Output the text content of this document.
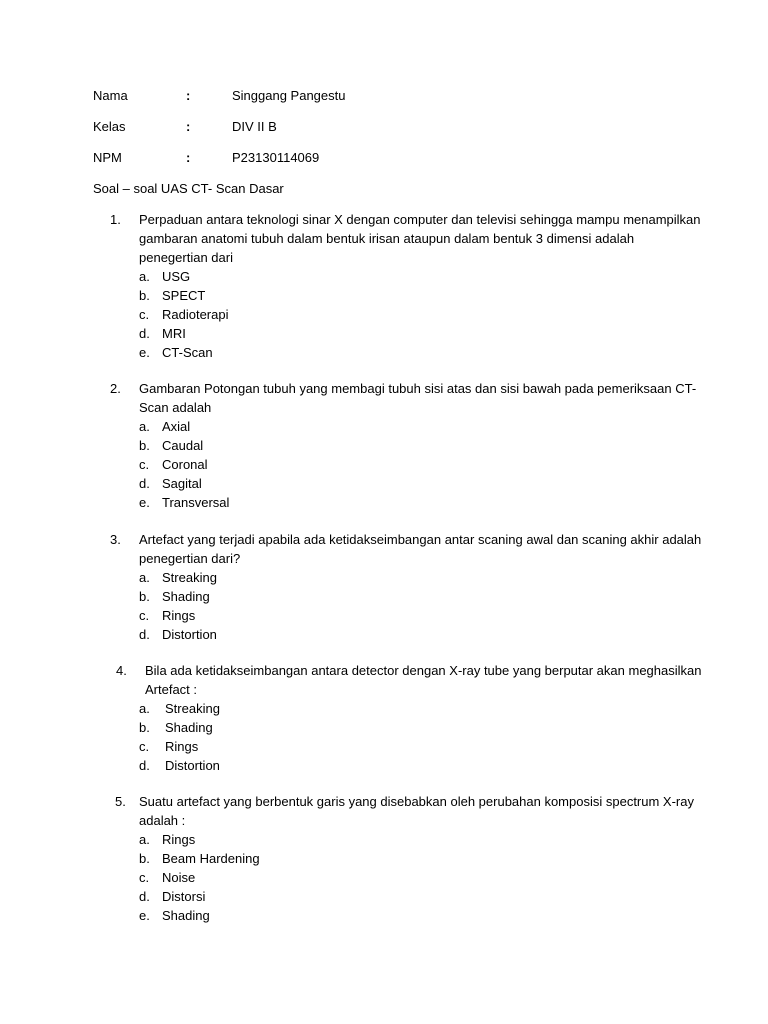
Nama	:	Singgang Pangestu
Kelas	:	DIV II B
NPM	:	P23130114069
Soal – soal UAS CT- Scan Dasar
1. Perpaduan antara teknologi sinar X dengan computer dan televisi sehingga mampu menampilkan gambaran anatomi tubuh dalam bentuk irisan ataupun dalam bentuk 3 dimensi adalah penegertian dari
a. USG
b. SPECT
c. Radioterapi
d. MRI
e. CT-Scan
2. Gambaran Potongan tubuh yang membagi tubuh sisi atas dan sisi bawah pada pemeriksaan CT-Scan adalah
a. Axial
b. Caudal
c. Coronal
d. Sagital
e. Transversal
3. Artefact yang terjadi apabila ada ketidakseimbangan antar scaning awal dan scaning akhir adalah penegertian dari?
a. Streaking
b. Shading
c. Rings
d. Distortion
4. Bila ada ketidakseimbangan antara detector dengan X-ray tube yang berputar akan meghasilkan Artefact :
a. Streaking
b. Shading
c. Rings
d. Distortion
5. Suatu artefact yang berbentuk garis yang disebabkan oleh perubahan komposisi spectrum X-ray adalah :
a. Rings
b. Beam Hardening
c. Noise
d. Distorsi
e. Shading
